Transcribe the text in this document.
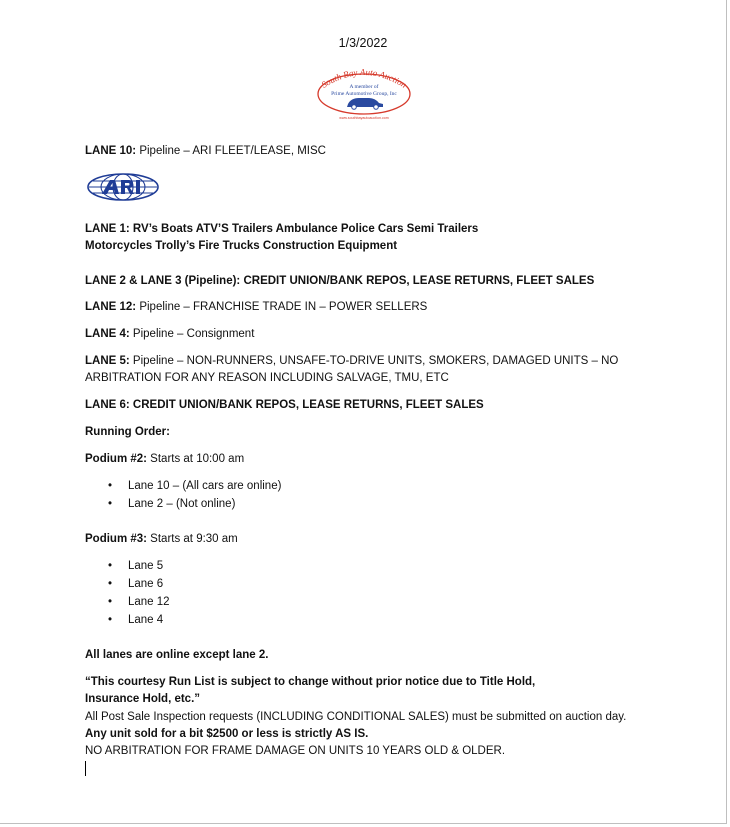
1/3/2022
South Bay Auto Auction
A member of
Prime Automotive Group, Inc
www.southbayautoauction.com
LANE 10: Pipeline – ARI FLEET/LEASE, MISC
LANE 1: RV’s Boats ATV’S Trailers Ambulance Police Cars Semi Trailers
Motorcycles Trolly’s Fire Trucks Construction Equipment
LANE 2 & LANE 3 (Pipeline): CREDIT UNION/BANK REPOS, LEASE RETURNS, FLEET SALES
LANE 12: Pipeline – FRANCHISE TRADE IN – POWER SELLERS
LANE 4: Pipeline – Consignment
LANE 5: Pipeline – NON-RUNNERS, UNSAFE-TO-DRIVE UNITS, SMOKERS, DAMAGED UNITS – NO
ARBITRATION FOR ANY REASON INCLUDING SALVAGE, TMU, ETC
LANE 6: CREDIT UNION/BANK REPOS, LEASE RETURNS, FLEET SALES
Running Order:
Podium #2: Starts at 10:00 am
• Lane 10 – (All cars are online)
• Lane 2 – (Not online)
Podium #3: Starts at 9:30 am
• Lane 5
• Lane 6
• Lane 12
• Lane 4
All lanes are online except lane 2.
“This courtesy Run List is subject to change without prior notice due to Title Hold,
Insurance Hold, etc.”
All Post Sale Inspection requests (INCLUDING CONDITIONAL SALES) must be submitted on auction day.
Any unit sold for a bit $2500 or less is strictly AS IS.
NO ARBITRATION FOR FRAME DAMAGE ON UNITS 10 YEARS OLD & OLDER.
